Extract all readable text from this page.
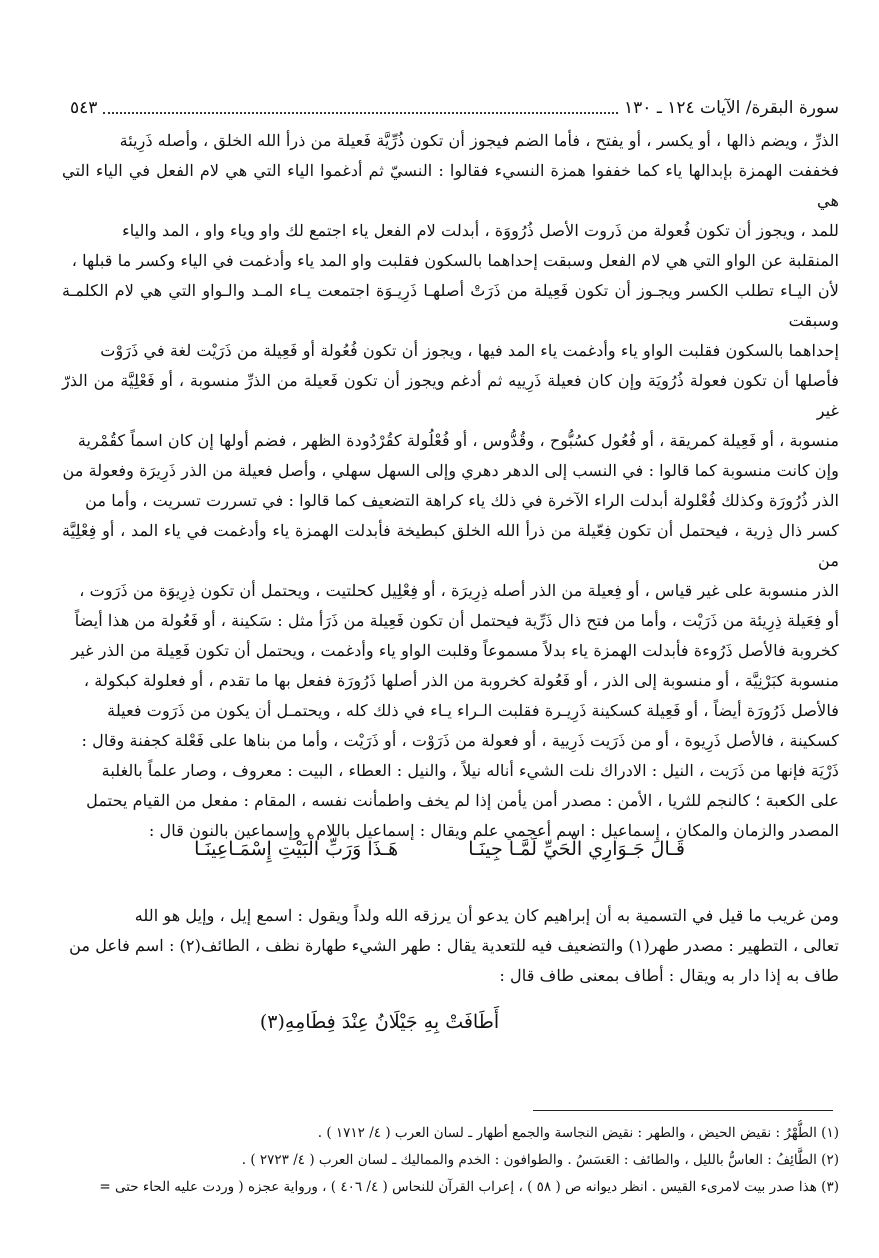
سورة البقرة/ الآيات ١٢٤ ـ ١٣٠
٥٤٣

الذرِّ ، ويضم ذالها ، أو يكسر ، أو يفتح ، فأما الضم فيجوز أن تكون ذُرِّيَّة فَعيلة من ذرأ الله الخلق ، وأصله ذَرِيئة

فخففت الهمزة بإبدالها ياء كما خففوا همزة النسيء فقالوا : النسيّ ثم أدغموا الياء التي هي لام الفعل في الياء التي هي

للمد ، ويجوز أن تكون فُعولة من ذَروت الأصل ذُرُووَة ، أبدلت لام الفعل ياء اجتمع لك واو وياء واو ، المد والياء

المنقلبة عن الواو التي هي لام الفعل وسبقت إحداهما بالسكون فقلبت واو المد ياء وأدغمت في الياء وكسر ما قبلها ،

لأن اليـاء تطلب الكسر ويجـوز أن تكون فَعِيلة من ذَرَتْ أصلهـا ذَرِيـوَة اجتمعت يـاء المـد والـواو التي هي لام الكلمـة وسبقت

إحداهما بالسكون فقلبت الواو ياء وأدغمت ياء المد فيها ، ويجوز أن تكون فُعُولة أو فَعِيلة من ذَرَيْت لغة في ذَرَوْت

فأصلها أن تكون فعولة ذُرُويَة وإن كان فعيلة ذَرِييه ثم أدغم ويجوز أن تكون فَعيلة من الذرِّ منسوبة ، أو فَعْلِيَّة من الذرّ غير

منسوبة ، أو فَعِيلة كمريقة ، أو فُعُول كسُبُّوح ، وقُدُّوس ، أو فُعْلُولة كقُرْدُودة الظهر ، فضم أولها إن كان اسماً كقُمْرية

وإن كانت منسوبة كما قالوا : في النسب إلى الدهر دهري وإلى السهل سهلي ، وأصل فعيلة من الذر ذَرِيرَة وفعولة من

الذر ذُرُورَة وكذلك فُعْلولة أبدلت الراء الآخرة في ذلك ياء كراهة التضعيف كما قالوا : في تسررت تسريت ، وأما من

كسر ذال ذِرية ، فيحتمل أن تكون فِعّيلة من ذرأ الله الخلق كبطيخة فأبدلت الهمزة ياء وأدغمت في ياء المد ، أو فِعْلِيَّة من

الذر منسوبة على غير قياس ، أو فِعيلة من الذر أصله ذِرِيرَة ، أو فِعْلِيل كحلتيت ، ويحتمل أن تكون ذِرِيوَة من ذَرَوت ،

أو فِعَيلة ذِرِيئة من ذَرَيْت ، وأما من فتح ذال ذَرِّية فيحتمل أن تكون فَعِيلة من ذَرَأ مثل : سَكينة ، أو فَعُولة من هذا أيضاً

كخروبة فالأصل ذَرُوءة فأبدلت الهمزة ياء بدلاً مسموعاً وقلبت الواو ياء وأدغمت ، ويحتمل أن تكون فَعِيلة من الذر غير

منسوبة كبَرْنِيَّة ، أو منسوبة إلى الذر ، أو فَعُولة كخروبة من الذر أصلها ذَرُورَة ففعل بها ما تقدم ، أو فعلولة كبكولة ،

فالأصل ذَرُورَة أيضاً ، أو فَعِيلة كسكينة ذَرِيـرة فقلبت الـراء يـاء في ذلك كله ، ويحتمـل أن يكون من ذَرَوت فعيلة

كسكينة ، فالأصل ذَرِيوة ، أو من ذَرَيت ذَرِيية ، أو فعولة من ذَرَوْت ، أو ذَرَيْت ، وأما من بناها على فَعْلة كجفنة وقال :

ذَرْيَة فإنها من ذَرَيت ، النيل : الادراك نلت الشيء أناله نيلاً ، والنيل : العطاء ، البيت : معروف ، وصار علماً بالغلبة

على الكعبة ؛ كالنجم للثريا ، الأمن : مصدر أمن يأمن إذا لم يخف واطمأنت نفسه ، المقام : مفعل من القيام يحتمل

المصدر والزمان والمكان ، إسماعيل : اسم أعجمي علم ويقال : إسماعيل باللام ، وإسماعين بالنون قال :

قَـالَ جَـوَارِي الْحَيِّ لَمَّـا جِينَـا
هَـذَا وَرَبِّ الْبَيْتِ إِسْمَـاعِينَـا

ومن غريب ما قيل في التسمية به أن إبراهيم كان يدعو أن يرزقه الله ولداً ويقول : اسمع إيل ، وإيل هو الله

تعالى ، التطهير : مصدر طهر(١) والتضعيف فيه للتعدية يقال : طهر الشيء طهارة نظف ، الطائف(٢) : اسم فاعل من

طاف به إذا دار به ويقال : أطاف بمعنى طاف قال :

أَطَافَتْ بِهِ جَيْلَانُ عِنْدَ فِطَامِهِ(٣)

(١) الطُّهْرُ : نقيض الحيض ، والطهر : نقيض النجاسة والجمع أطهار ـ لسان العرب ( ٤/ ١٧١٢ ) .

(٢) الطَّائِفُ : العاسُّ بالليل ، والطائف : العَسَسُ . والطوافون : الخدم والمماليك ـ لسان العرب ( ٤/ ٢٧٢٣ ) .

(٣) هذا صدر بيت لامرىء القيس . انظر ديوانه ص ( ٥٨ ) ، إعراب القرآن للنحاس ( ٤/ ٤٠٦ ) ، ورواية عجزه ( وردت عليه الحاء حتى =
